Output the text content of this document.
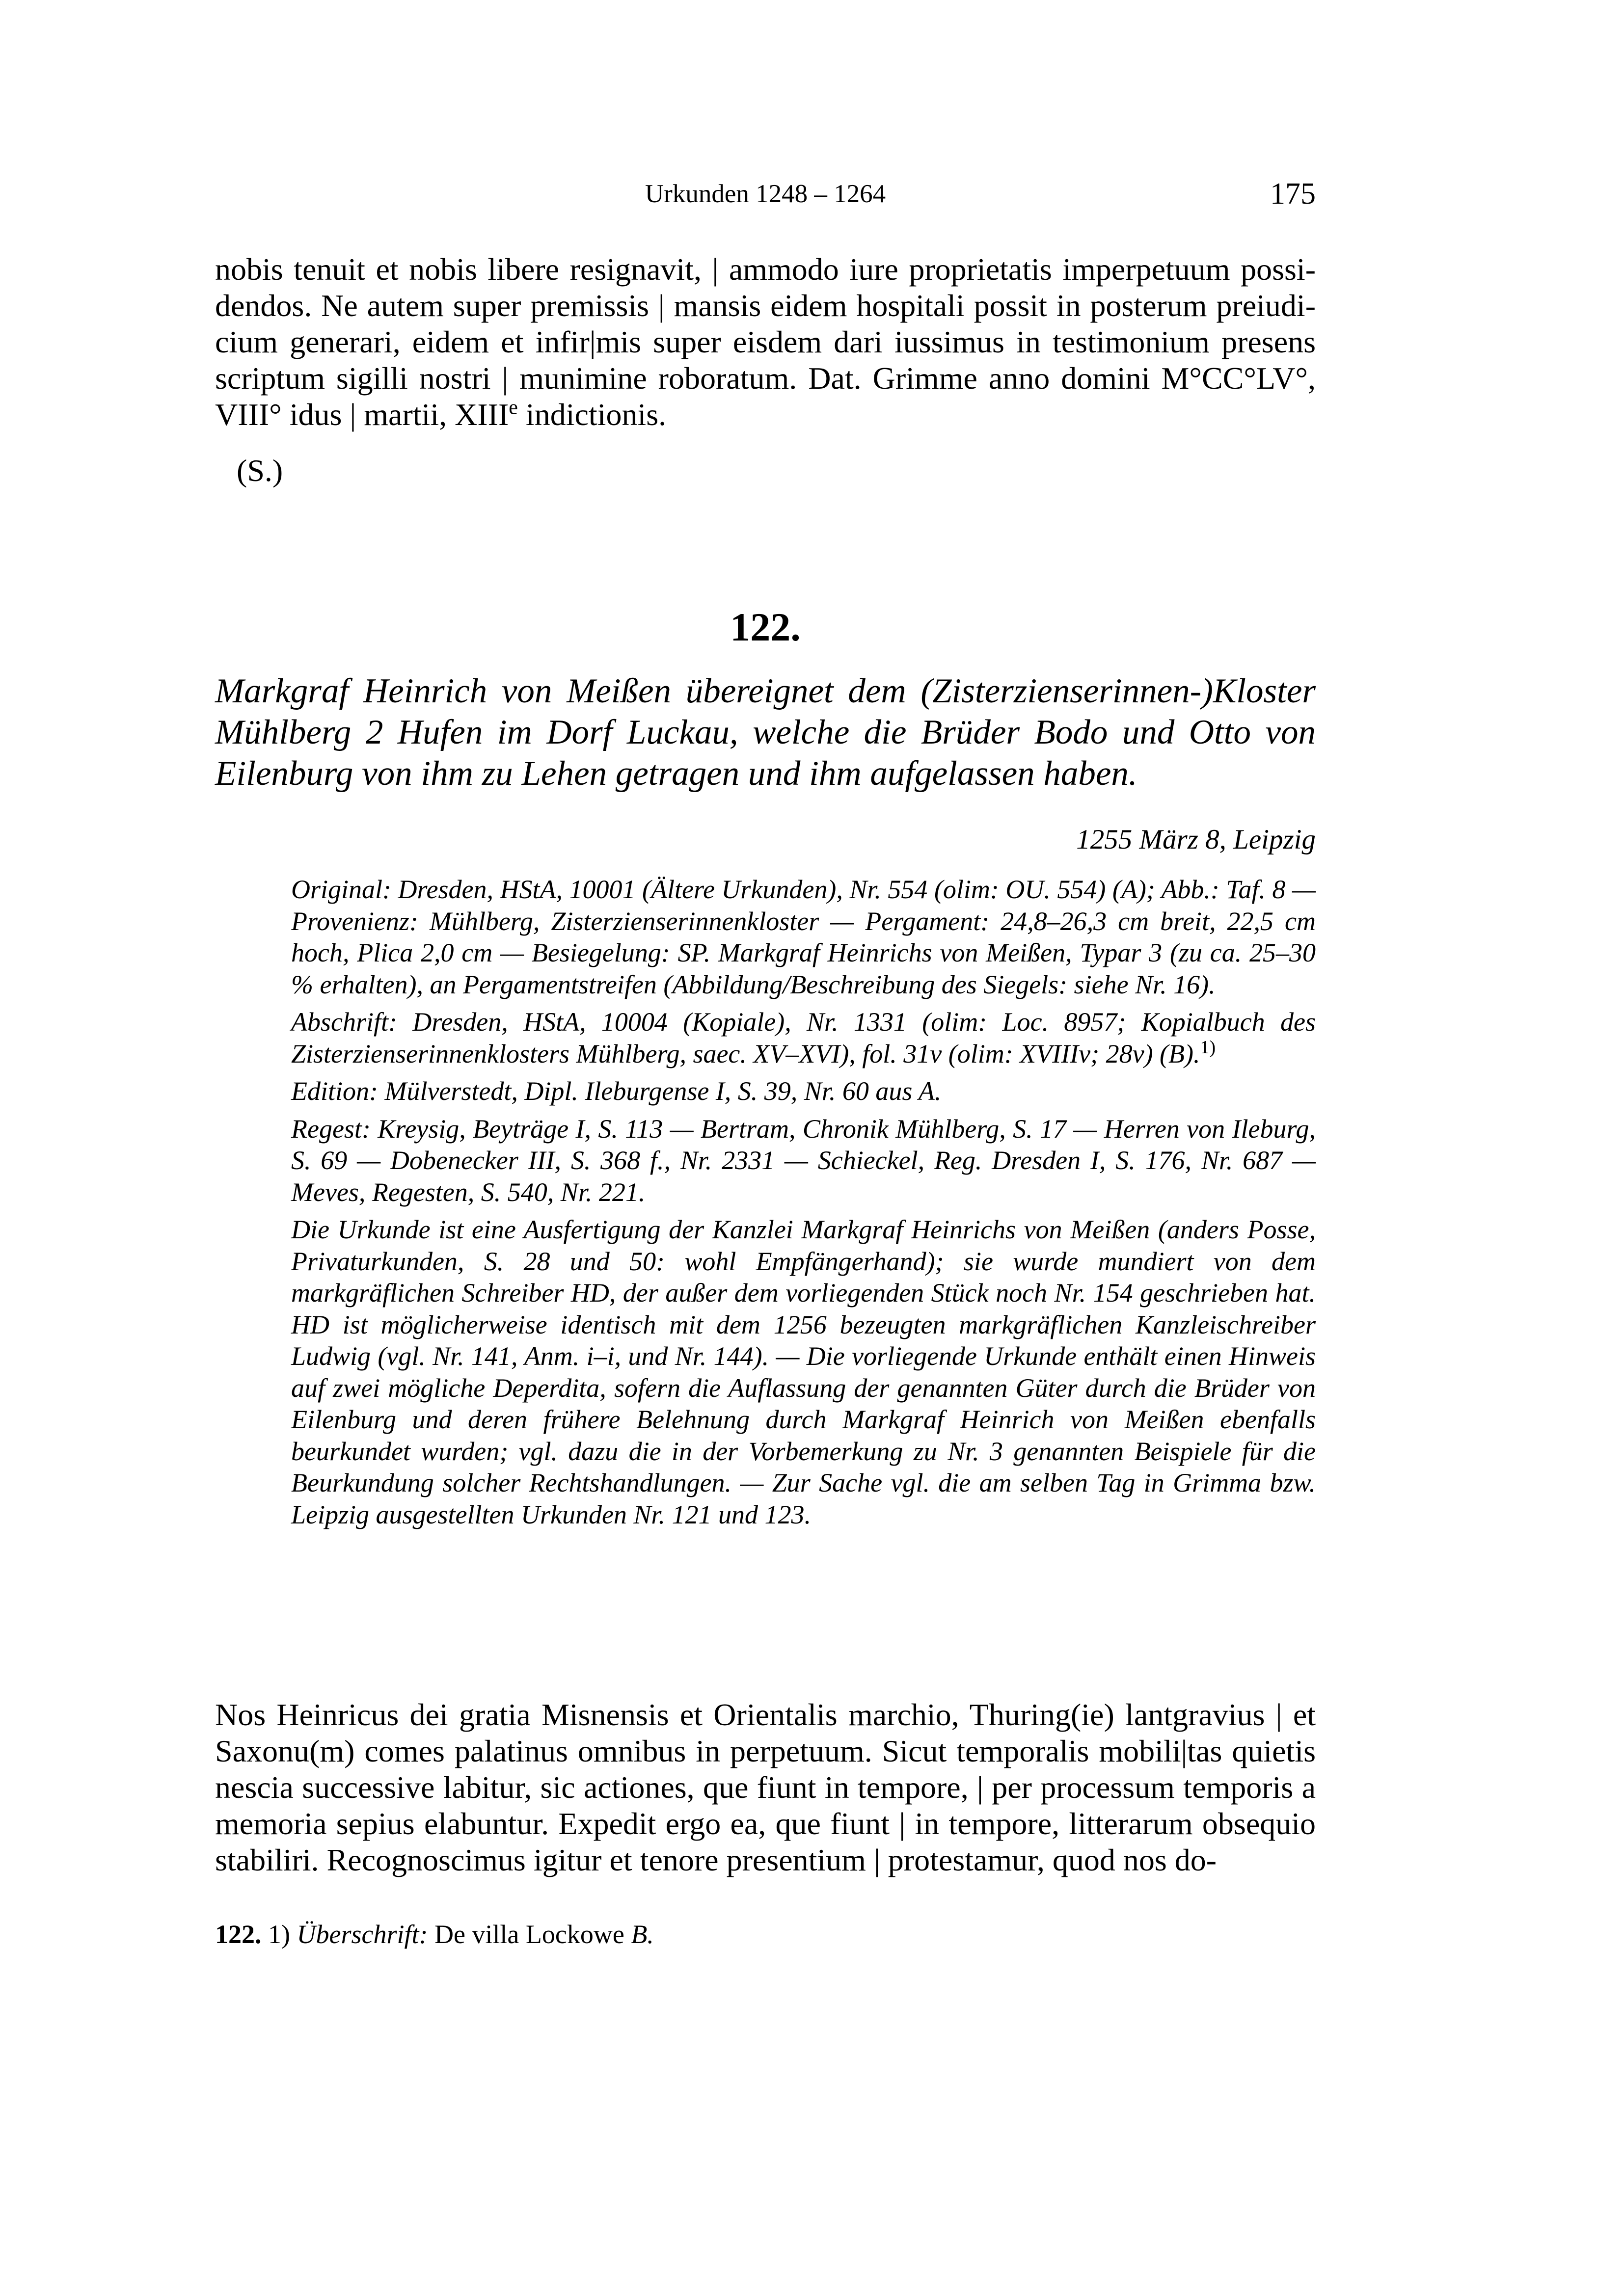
Urkunden 1248 – 1264	175

nobis tenuit et nobis libere resignavit, | ammodo iure proprietatis imperpetuum possidendos. Ne autem super premissis | mansis eidem hospitali possit in posterum preiudicium generari, eidem et infir|mis super eisdem dari iussimus in testimonium presens scriptum sigilli nostri | munimine roboratum. Dat. Grimme anno domini M°CC°LV°, VIII° idus | martii, XIIIe indictionis.

(S.)
122.
Markgraf Heinrich von Meißen übereignet dem (Zisterzienserinnen-)Kloster Mühlberg 2 Hufen im Dorf Luckau, welche die Brüder Bodo und Otto von Eilenburg von ihm zu Lehen getragen und ihm aufgelassen haben.
1255 März 8, Leipzig

Original: Dresden, HStA, 10001 (Ältere Urkunden), Nr. 554 (olim: OU. 554) (A); Abb.: Taf. 8 — Provenienz: Mühlberg, Zisterzienserinnenkloster — Pergament: 24,8–26,3 cm breit, 22,5 cm hoch, Plica 2,0 cm — Besiegelung: SP. Markgraf Heinrichs von Meißen, Typar 3 (zu ca. 25–30 % erhalten), an Pergamentstreifen (Abbildung/Beschreibung des Siegels: siehe Nr. 16).

Abschrift: Dresden, HStA, 10004 (Kopiale), Nr. 1331 (olim: Loc. 8957; Kopialbuch des Zisterzienserinnenklosters Mühlberg, saec. XV–XVI), fol. 31v (olim: XVIIIv; 28v) (B).$^{1)}$

Edition: Mülverstedt, Dipl. Ileburgense I, S. 39, Nr. 60 aus A.

Regest: Kreysig, Beyträge I, S. 113 — Bertram, Chronik Mühlberg, S. 17 — Herren von Ileburg, S. 69 — Dobenecker III, S. 368 f., Nr. 2331 — Schieckel, Reg. Dresden I, S. 176, Nr. 687 — Meves, Regesten, S. 540, Nr. 221.

Die Urkunde ist eine Ausfertigung der Kanzlei Markgraf Heinrichs von Meißen (anders Posse, Privaturkunden, S. 28 und 50: wohl Empfängerhand); sie wurde mundiert von dem markgräflichen Schreiber HD, der außer dem vorliegenden Stück noch Nr. 154 geschrieben hat. HD ist möglicherweise identisch mit dem 1256 bezeugten markgräflichen Kanzleischreiber Ludwig (vgl. Nr. 141, Anm. i–i, und Nr. 144). — Die vorliegende Urkunde enthält einen Hinweis auf zwei mögliche Deperdita, sofern die Auflassung der genannten Güter durch die Brüder von Eilenburg und deren frühere Belehnung durch Markgraf Heinrich von Meißen ebenfalls beurkundet wurden; vgl. dazu die in der Vorbemerkung zu Nr. 3 genannten Beispiele für die Beurkundung solcher Rechtshandlungen. — Zur Sache vgl. die am selben Tag in Grimma bzw. Leipzig ausgestellten Urkunden Nr. 121 und 123.

Nos Heinricus dei gratia Misnensis et Orientalis marchio, Thuring(ie) lantgravius | et Saxonu(m) comes palatinus omnibus in perpetuum. Sicut temporalis mobili|tas quietis nescia successive labitur, sic actiones, que fiunt in tempore, | per processum temporis a memoria sepius elabuntur. Expedit ergo ea, que fiunt | in tempore, litterarum obsequio stabiliri. Recognoscimus igitur et tenore presentium | protestamur, quod nos do-

122. 1) Überschrift: De villa Lockowe B.
